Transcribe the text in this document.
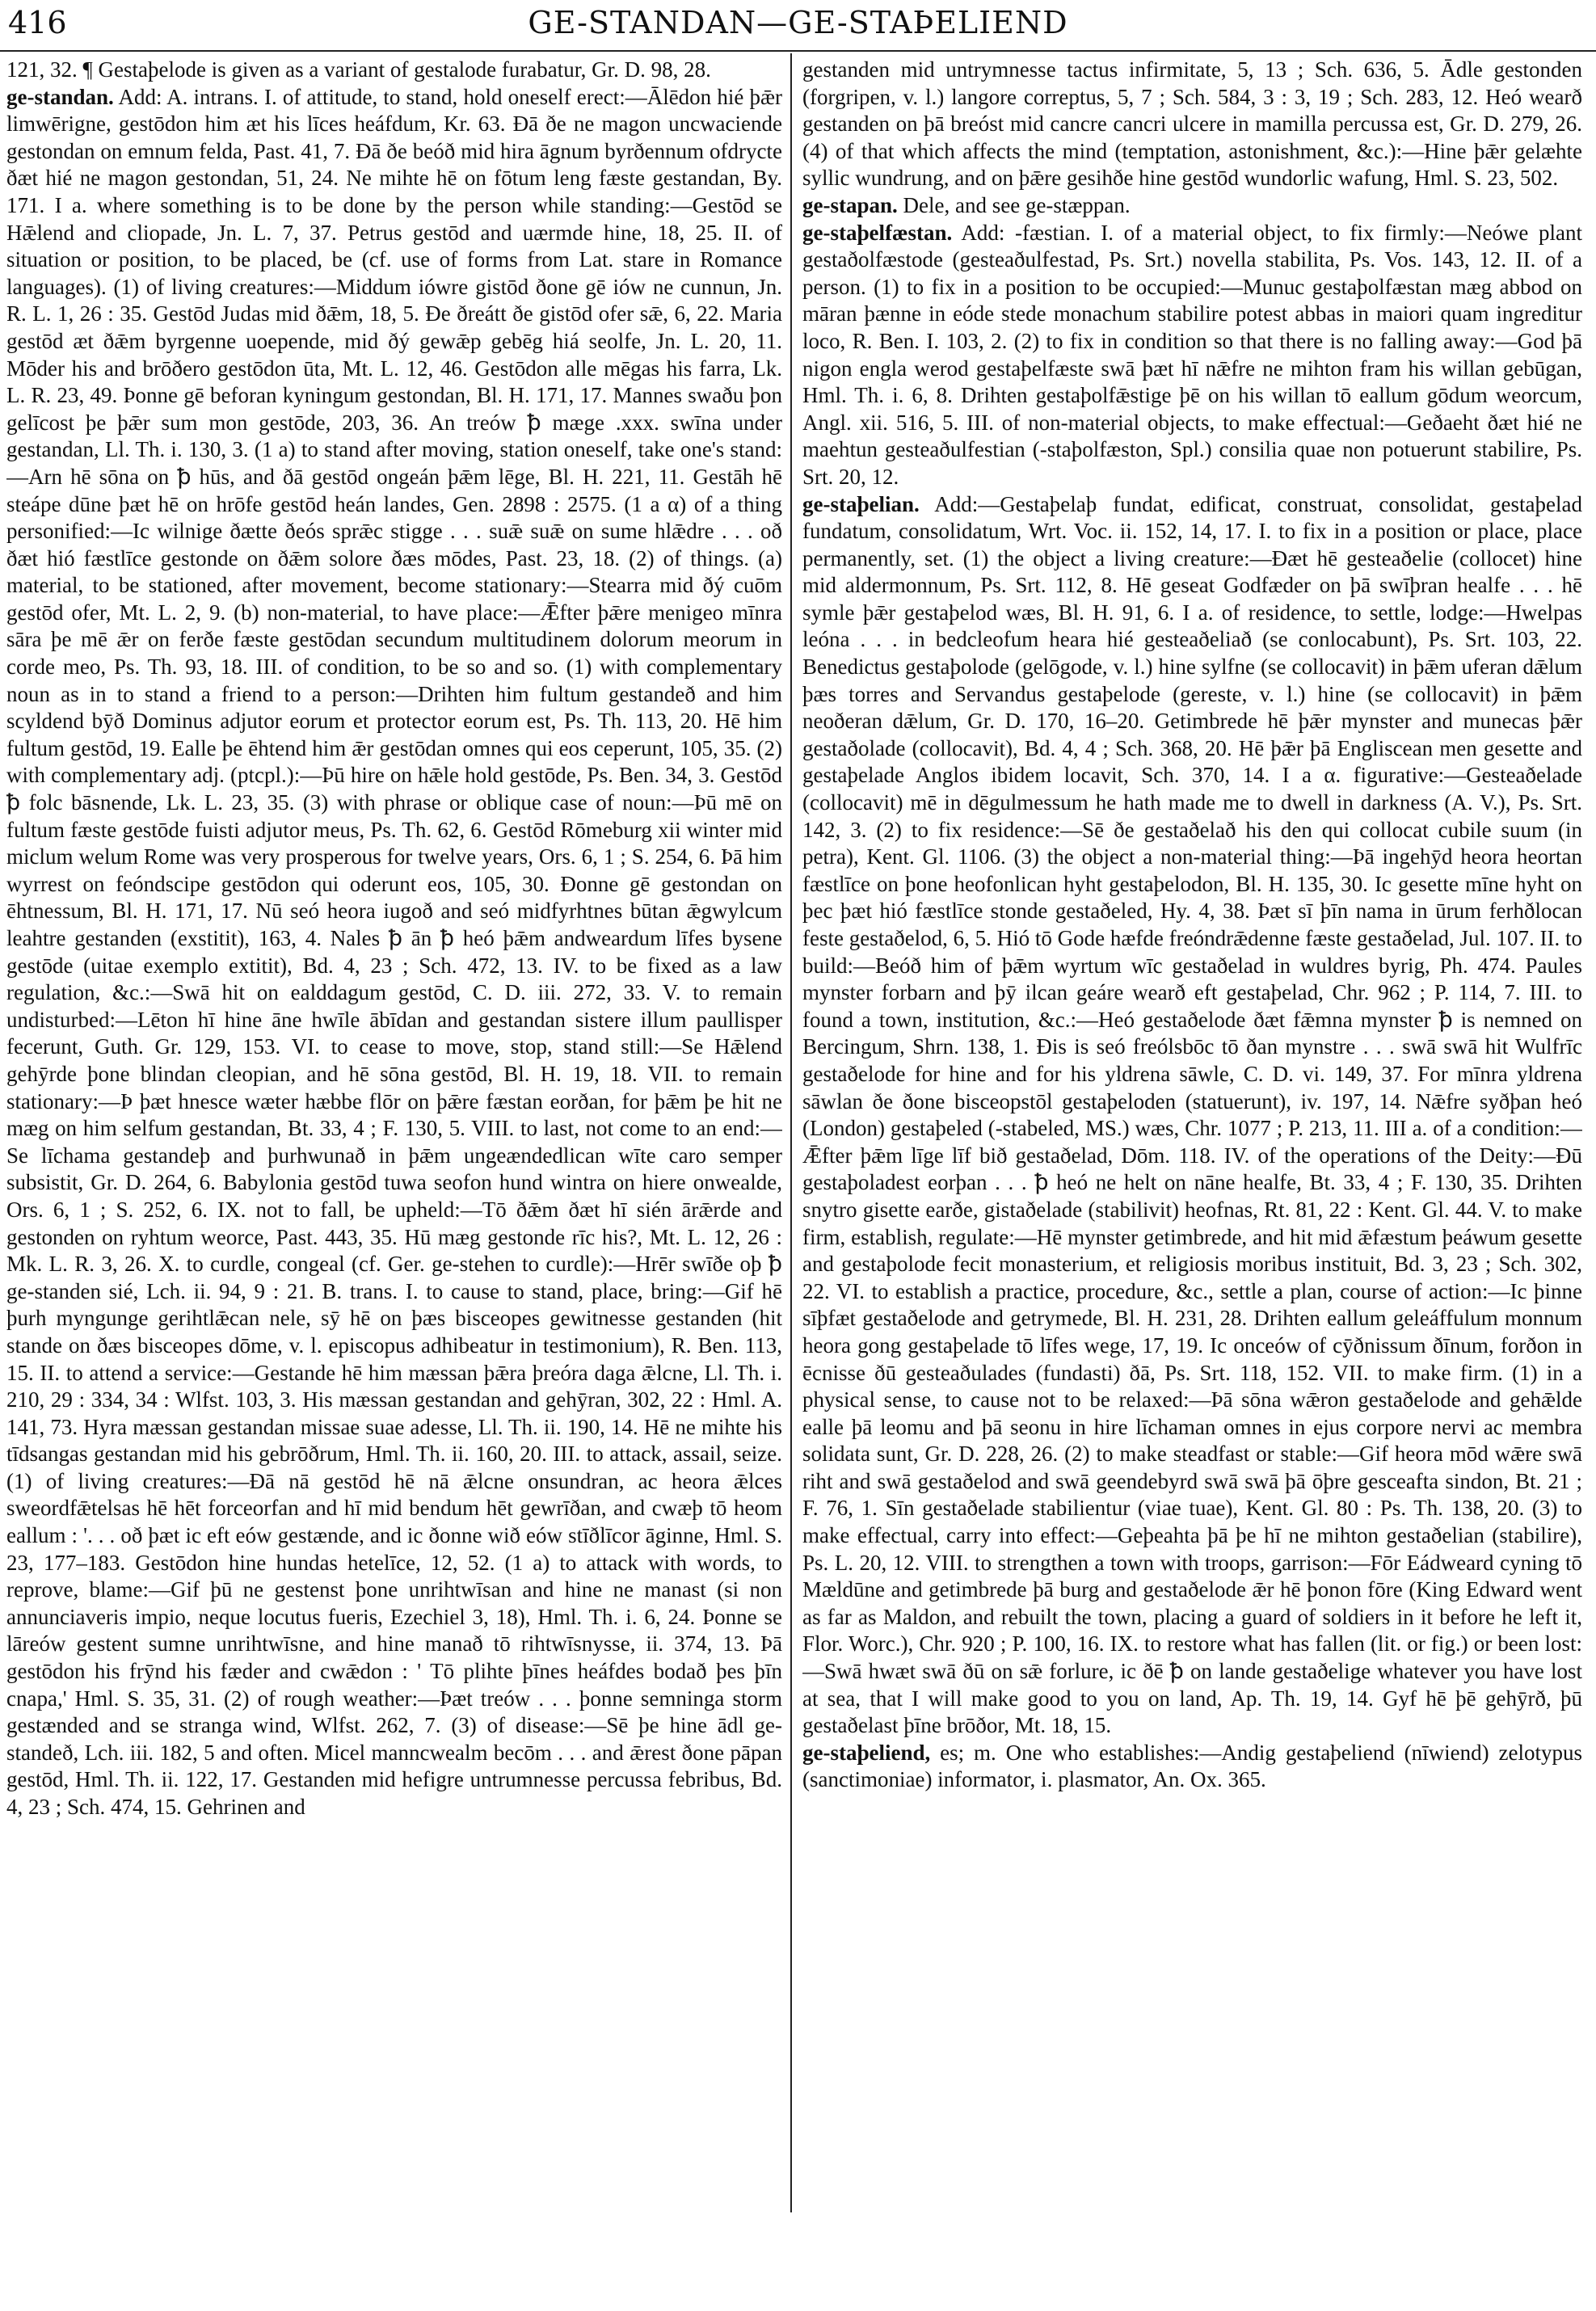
416	GE-STANDAN—GE-STAÞELIEND

121, 32. ¶ Gestaþelode is given as a variant of gestalode furabatur, Gr. D. 98, 28.

ge-standan. Add: A. intrans. I. of attitude, to stand, hold oneself erect:—Ālēdon hié þǣr limwērigne, gestōdon him æt his līces heáfdum, Kr. 63. Ðā ðe ne magon uncwaciende gestondan on emnum felda, Past. 41, 7. Ðā ðe beóð mid hira āgnum byrðennum ofdrycte ðæt hié ne magon gestondan, 51, 24. Ne mihte hē on fōtum leng fæste gestandan, By. 171. I a. where something is to be done by the person while standing:—Gestōd se Hǣlend and cliopade, Jn. L. 7, 37. Petrus gestōd and uærmde hine, 18, 25. II. of situation or position, to be placed, be (cf. use of forms from Lat. stare in Romance languages). (1) of living creatures:—Middum iówre gistōd ðone gē iów ne cunnun, Jn. R. L. 1, 26 : 35. Gestōd Judas mid ðǣm, 18, 5. Ðe ðreátt ðe gistōd ofer sǣ, 6, 22. Maria gestōd æt ðǣm byrgenne uoepende, mid ðý gewǣp gebēg hiá seolfe, Jn. L. 20, 11. Mōder his and brōðero gestōdon ūta, Mt. L. 12, 46. Gestōdon alle mēgas his farra, Lk. L. R. 23, 49. Þonne gē beforan kyningum gestondan, Bl. H. 171, 17. Mannes swaðu þon gelīcost þe þǣr sum mon gestōde, 203, 36. An treów ꝥ mæge .xxx. swīna under gestandan, Ll. Th. i. 130, 3. (1 a) to stand after moving, station oneself, take one's stand:—Arn hē sōna on ꝥ hūs, and ðā gestōd ongeán þǣm lēge, Bl. H. 221, 11. Gestāh hē steápe dūne þæt hē on hrōfe gestōd heán landes, Gen. 2898 : 2575. (1 a α) of a thing personified:—Ic wilnige ðætte ðeós sprǣc stigge . . . suǣ suǣ on sume hlǣdre . . . oð ðæt hió fæstlīce gestonde on ðǣm solore ðæs mōdes, Past. 23, 18. (2) of things. (a) material, to be stationed, after movement, become stationary:—Stearra mid ðý cuōm gestōd ofer, Mt. L. 2, 9. (b) non-material, to have place:—Ǣfter þǣre menigeo mīnra sāra þe mē ǣr on ferðe fæste gestōdan secundum multitudinem dolorum meorum in corde meo, Ps. Th. 93, 18. III. of condition, to be so and so. (1) with complementary noun as in to stand a friend to a person:—Drihten him fultum gestandeð and him scyldend bȳð Dominus adjutor eorum et protector eorum est, Ps. Th. 113, 20. Hē him fultum gestōd, 19. Ealle þe ēhtend him ǣr gestōdan omnes qui eos ceperunt, 105, 35. (2) with complementary adj. (ptcpl.):—Þū hire on hǣle hold gestōde, Ps. Ben. 34, 3. Gestōd ꝥ folc bāsnende, Lk. L. 23, 35. (3) with phrase or oblique case of noun:—Þū mē on fultum fæste gestōde fuisti adjutor meus, Ps. Th. 62, 6. Gestōd Rōmeburg xii winter mid miclum welum Rome was very prosperous for twelve years, Ors. 6, 1 ; S. 254, 6. Þā him wyrrest on feóndscipe gestōdon qui oderunt eos, 105, 30. Ðonne gē gestondan on ēhtnessum, Bl. H. 171, 17. Nū seó heora iugoð and seó midfyrhtnes būtan ǣgwylcum leahtre gestanden (exstitit), 163, 4. Nales ꝥ ān ꝥ heó þǣm andweardum līfes bysene gestōde (uitae exemplo extitit), Bd. 4, 23 ; Sch. 472, 13. IV. to be fixed as a law regulation, &c.:—Swā hit on ealddagum gestōd, C. D. iii. 272, 33. V. to remain undisturbed:—Lēton hī hine āne hwīle ābīdan and gestandan sistere illum paullisper fecerunt, Guth. Gr. 129, 153. VI. to cease to move, stop, stand still:—Se Hǣlend gehȳrde þone blindan cleopian, and hē sōna gestōd, Bl. H. 19, 18. VII. to remain stationary:—Þ þæt hnesce wæter hæbbe flōr on þǣre fæstan eorðan, for þǣm þe hit ne mæg on him selfum gestandan, Bt. 33, 4 ; F. 130, 5. VIII. to last, not come to an end:—Se līchama gestandeþ and þurhwunað in þǣm ungeændedlican wīte caro semper subsistit, Gr. D. 264, 6. Babylonia gestōd tuwa seofon hund wintra on hiere onwealde, Ors. 6, 1 ; S. 252, 6. IX. not to fall, be upheld:—Tō ðǣm ðæt hī sién ārǣrde and gestonden on ryhtum weorce, Past. 443, 35. Hū mæg gestonde rīc his?, Mt. L. 12, 26 : Mk. L. R. 3, 26. X. to curdle, congeal (cf. Ger. ge-stehen to curdle):—Hrēr swīðe oþ ꝥ ge-standen sié, Lch. ii. 94, 9 : 21. B. trans. I. to cause to stand, place, bring:—Gif hē þurh myngunge gerihtlǣcan nele, sȳ hē on þæs bisceopes gewitnesse gestanden (hit stande on ðæs bisceopes dōme, v. l. episcopus adhibeatur in testimonium), R. Ben. 113, 15. II. to attend a service:—Gestande hē him mæssan þǣra þreóra daga ǣlcne, Ll. Th. i. 210, 29 : 334, 34 : Wlfst. 103, 3. His mæssan gestandan and gehȳran, 302, 22 : Hml. A. 141, 73. Hyra mæssan gestandan missae suae adesse, Ll. Th. ii. 190, 14. Hē ne mihte his tīdsangas gestandan mid his gebrōðrum, Hml. Th. ii. 160, 20. III. to attack, assail, seize. (1) of living creatures:—Ðā nā gestōd hē nā ǣlcne onsundran, ac heora ǣlces sweordfǣtelsas hē hēt forceorfan and hī mid bendum hēt gewrīðan, and cwæþ tō heom eallum : '. . . oð þæt ic eft eów gestænde, and ic ðonne wið eów stīðlīcor āginne, Hml. S. 23, 177–183. Gestōdon hine hundas hetelīce, 12, 52. (1 a) to attack with words, to reprove, blame:—Gif þū ne gestenst þone unrihtwīsan and hine ne manast (si non annunciaveris impio, neque locutus fueris, Ezechiel 3, 18), Hml. Th. i. 6, 24. Þonne se lāreów gestent sumne unrihtwīsne, and hine manað tō rihtwīsnysse, ii. 374, 13. Þā gestōdon his frȳnd his fæder and cwǣdon : ' Tō plihte þīnes heáfdes bodað þes þīn cnapa,' Hml. S. 35, 31. (2) of rough weather:—Þæt treów . . . þonne semninga storm gestænded and se stranga wind, Wlfst. 262, 7. (3) of disease:—Sē þe hine ādl ge-standeð, Lch. iii. 182, 5 and often. Micel manncwealm becōm . . . and ǣrest ðone pāpan gestōd, Hml. Th. ii. 122, 17. Gestanden mid hefigre untrumnesse percussa febribus, Bd. 4, 23 ; Sch. 474, 15. Gehrinen and

gestanden mid untrymnesse tactus infirmitate, 5, 13 ; Sch. 636, 5. Ādle gestonden (forgripen, v. l.) langore correptus, 5, 7 ; Sch. 584, 3 : 3, 19 ; Sch. 283, 12. Heó wearð gestanden on þā breóst mid cancre cancri ulcere in mamilla percussa est, Gr. D. 279, 26. (4) of that which affects the mind (temptation, astonishment, &c.):—Hine þǣr gelæhte syllic wundrung, and on þǣre gesihðe hine gestōd wundorlic wafung, Hml. S. 23, 502.

ge-stapan. Dele, and see ge-stæppan.

ge-staþelfæstan. Add: -fæstian. I. of a material object, to fix firmly:—Neówe plant gestaðolfæstode (gesteaðulfestad, Ps. Srt.) novella stabilita, Ps. Vos. 143, 12. II. of a person. (1) to fix in a position to be occupied:—Munuc gestaþolfæstan mæg abbod on māran þænne in eóde stede monachum stabilire potest abbas in maiori quam ingreditur loco, R. Ben. I. 103, 2. (2) to fix in condition so that there is no falling away:—God þā nigon engla werod gestaþelfæste swā þæt hī nǣfre ne mihton fram his willan gebūgan, Hml. Th. i. 6, 8. Drihten gestaþolfǣstige þē on his willan tō eallum gōdum weorcum, Angl. xii. 516, 5. III. of non-material objects, to make effectual:—Geðaeht ðæt hié ne maehtun gesteaðulfestian (-staþolfæston, Spl.) consilia quae non potuerunt stabilire, Ps. Srt. 20, 12.

ge-staþelian. Add:—Gestaþelaþ fundat, edificat, construat, consolidat, gestaþelad fundatum, consolidatum, Wrt. Voc. ii. 152, 14, 17. I. to fix in a position or place, place permanently, set. (1) the object a living creature:—Ðæt hē gesteaðelie (collocet) hine mid aldermonnum, Ps. Srt. 112, 8. Hē geseat Godfæder on þā swīþran healfe . . . hē symle þǣr gestaþelod wæs, Bl. H. 91, 6. I a. of residence, to settle, lodge:—Hwelpas leóna . . . in bedcleofum heara hié gesteaðeliað (se conlocabunt), Ps. Srt. 103, 22. Benedictus gestaþolode (gelōgode, v. l.) hine sylfne (se collocavit) in þǣm uferan dǣlum þæs torres and Servandus gestaþelode (gereste, v. l.) hine (se collocavit) in þǣm neoðeran dǣlum, Gr. D. 170, 16–20. Getimbrede hē þǣr mynster and munecas þǣr gestaðolade (collocavit), Bd. 4, 4 ; Sch. 368, 20. Hē þǣr þā Engliscean men gesette and gestaþelade Anglos ibidem locavit, Sch. 370, 14. I a α. figurative:—Gesteaðelade (collocavit) mē in dēgulmessum he hath made me to dwell in darkness (A. V.), Ps. Srt. 142, 3. (2) to fix residence:—Sē ðe gestaðelað his den qui collocat cubile suum (in petra), Kent. Gl. 1106. (3) the object a non-material thing:—Þā ingehȳd heora heortan fæstlīce on þone heofonlican hyht gestaþelodon, Bl. H. 135, 30. Ic gesette mīne hyht on þec þæt hió fæstlīce stonde gestaðeled, Hy. 4, 38. Þæt sī þīn nama in ūrum ferhðlocan feste gestaðelod, 6, 5. Hió tō Gode hæfde freóndrǣdenne fæste gestaðelad, Jul. 107. II. to build:—Beóð him of þǣm wyrtum wīc gestaðelad in wuldres byrig, Ph. 474. Paules mynster forbarn and þȳ ilcan geáre wearð eft gestaþelad, Chr. 962 ; P. 114, 7. III. to found a town, institution, &c.:—Heó gestaðelode ðæt fǣmna mynster ꝥ is nemned on Bercingum, Shrn. 138, 1. Ðis is seó freólsbōc tō ðan mynstre . . . swā swā hit Wulfrīc gestaðelode for hine and for his yldrena sāwle, C. D. vi. 149, 37. For mīnra yldrena sāwlan ðe ðone bisceopstōl gestaþeloden (statuerunt), iv. 197, 14. Nǣfre syðþan heó (London) gestaþeled (-stabeled, MS.) wæs, Chr. 1077 ; P. 213, 11. III a. of a condition:—Ǣfter þǣm līge līf bið gestaðelad, Dōm. 118. IV. of the operations of the Deity:—Ðū gestaþoladest eorþan . . . ꝥ heó ne helt on nāne healfe, Bt. 33, 4 ; F. 130, 35. Drihten snytro gisette earðe, gistaðelade (stabilivit) heofnas, Rt. 81, 22 : Kent. Gl. 44. V. to make firm, establish, regulate:—Hē mynster getimbrede, and hit mid ǣfæstum þeáwum gesette and gestaþolode fecit monasterium, et religiosis moribus instituit, Bd. 3, 23 ; Sch. 302, 22. VI. to establish a practice, procedure, &c., settle a plan, course of action:—Ic þinne sīþfæt gestaðelode and getrymede, Bl. H. 231, 28. Drihten eallum geleáffulum monnum heora gong gestaþelade tō līfes wege, 17, 19. Ic onceów of cȳðnissum ðīnum, forðon in ēcnisse ðū gesteaðulades (fundasti) ðā, Ps. Srt. 118, 152. VII. to make firm. (1) in a physical sense, to cause not to be relaxed:—Þā sōna wǣron gestaðelode and gehǣlde ealle þā leomu and þā seonu in hire līchaman omnes in ejus corpore nervi ac membra solidata sunt, Gr. D. 228, 26. (2) to make steadfast or stable:—Gif heora mōd wǣre swā riht and swā gestaðelod and swā geendebyrd swā swā þā ōþre gesceafta sindon, Bt. 21 ; F. 76, 1. Sīn gestaðelade stabilientur (viae tuae), Kent. Gl. 80 : Ps. Th. 138, 20. (3) to make effectual, carry into effect:—Geþeahta þā þe hī ne mihton gestaðelian (stabilire), Ps. L. 20, 12. VIII. to strengthen a town with troops, garrison:—Fōr Eádweard cyning tō Mældūne and getimbrede þā burg and gestaðelode ǣr hē þonon fōre (King Edward went as far as Maldon, and rebuilt the town, placing a guard of soldiers in it before he left it, Flor. Worc.), Chr. 920 ; P. 100, 16. IX. to restore what has fallen (lit. or fig.) or been lost:—Swā hwæt swā ðū on sǣ forlure, ic ðē ꝥ on lande gestaðelige whatever you have lost at sea, that I will make good to you on land, Ap. Th. 19, 14. Gyf hē þē gehȳrð, þū gestaðelast þīne brōðor, Mt. 18, 15.

ge-staþeliend, es; m. One who establishes:—Andig gestaþeliend (nīwiend) zelotypus (sanctimoniae) informator, i. plasmator, An. Ox. 365.
